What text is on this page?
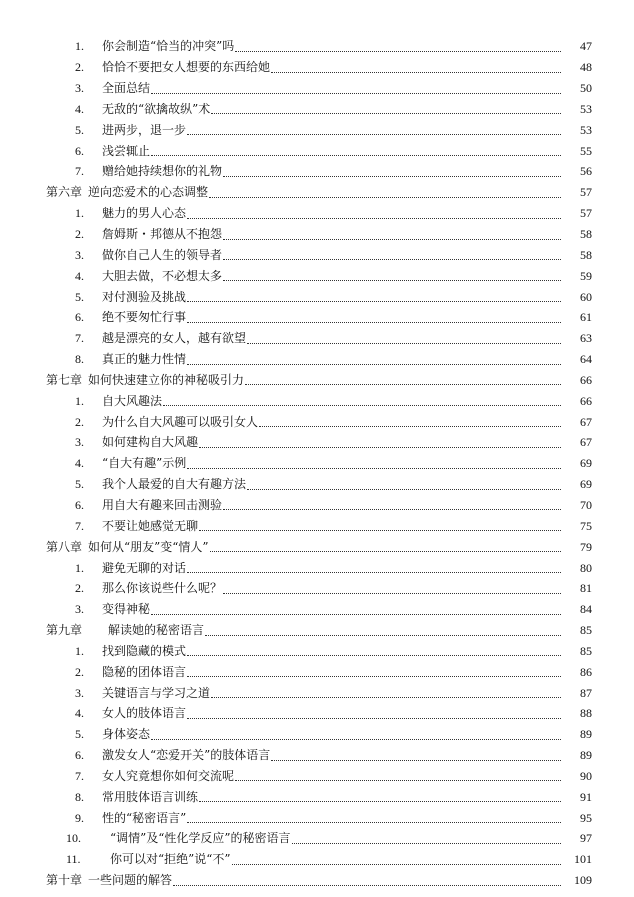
1.	你会制造“恰当的冲突”吗	47
2.	恰恰不要把女人想要的东西给她	48
3.	全面总结	50
4.	无敌的“欲擒故纵”术	53
5.	进两步，退一步	53
6.	浅尝辄止	55
7.	赠给她持续想你的礼物	56
第六章 逆向恋爱术的心态调整	57
1.	魅力的男人心态	57
2.	詹姆斯・邦德从不抱怨	58
3.	做你自己人生的领导者	58
4.	大胆去做，不必想太多	59
5.	对付测验及挑战	60
6.	绝不要匆忙行事	61
7.	越是漂亮的女人，越有欲望	63
8.	真正的魅力性情	64
第七章 如何快速建立你的神秘吸引力	66
1.	自大风趣法	66
2.	为什么自大风趣可以吸引女人	67
3.	如何建构自大风趣	67
4.	“自大有趣”示例	69
5.	我个人最爱的自大有趣方法	69
6.	用自大有趣来回击测验	70
7.	不要让她感觉无聊	75
第八章 如何从“朋友”变“情人”	79
1.	避免无聊的对话	80
2.	那么你该说些什么呢？	81
3.	变得神秘	84
第九章 解读她的秘密语言	85
1.	找到隐藏的模式	85
2.	隐秘的团体语言	86
3.	关键语言与学习之道	87
4.	女人的肢体语言	88
5.	身体姿态	89
6.	激发女人“恋爱开关”的肢体语言	89
7.	女人究竟想你如何交流呢	90
8.	常用肢体语言训练	91
9.	性的“秘密语言”	95
10.	“调情”及“性化学反应”的秘密语言	97
11.	你可以对“拒绝”说“不”	101
第十章 一些问题的解答	109
